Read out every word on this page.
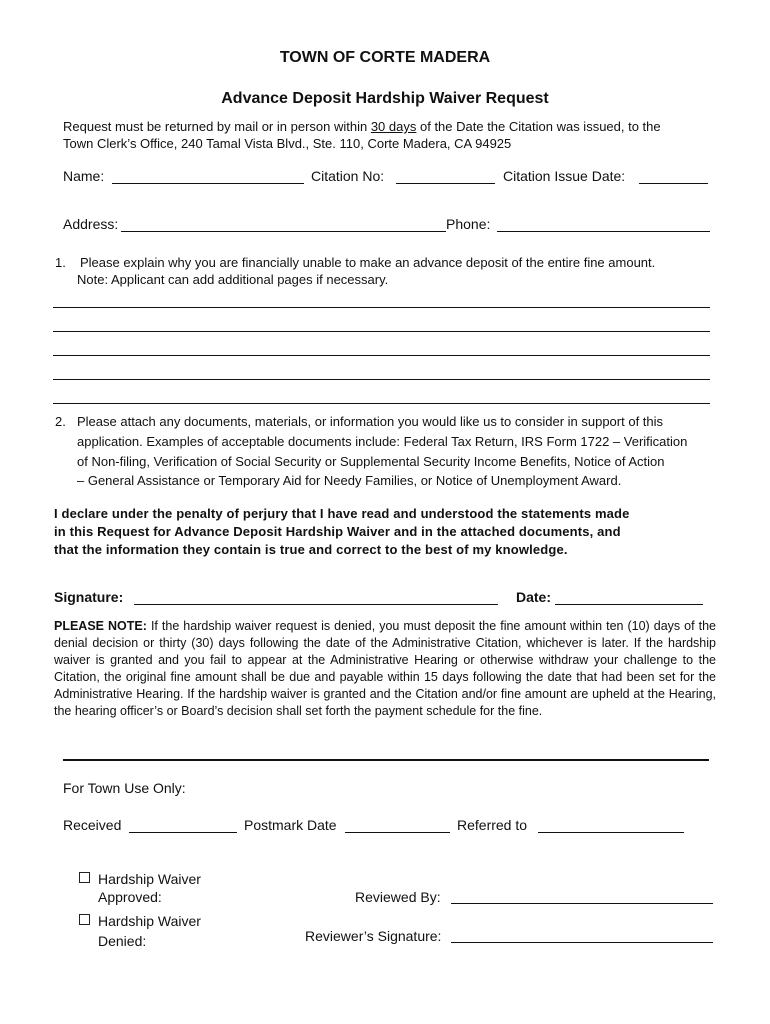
TOWN OF CORTE MADERA
Advance Deposit Hardship Waiver Request
Request must be returned by mail or in person within 30 days of the Date the Citation was issued, to the
Town Clerk’s Office, 240 Tamal Vista Blvd., Ste. 110, Corte Madera, CA 94925
Name:	Citation No:	Citation Issue Date:
Address:	Phone:
1. Please explain why you are financially unable to make an advance deposit of the entire fine amount.
Note: Applicant can add additional pages if necessary.
2. Please attach any documents, materials, or information you would like us to consider in support of this
application. Examples of acceptable documents include: Federal Tax Return, IRS Form 1722 – Verification
of Non-filing, Verification of Social Security or Supplemental Security Income Benefits, Notice of Action
– General Assistance or Temporary Aid for Needy Families, or Notice of Unemployment Award.
I declare under the penalty of perjury that I have read and understood the statements made
in this Request for Advance Deposit Hardship Waiver and in the attached documents, and
that the information they contain is true and correct to the best of my knowledge.
Signature:	Date:
PLEASE NOTE: If the hardship waiver request is denied, you must deposit the fine amount within ten (10) days of the denial decision or thirty (30) days following the date of the Administrative Citation, whichever is later. If the hardship waiver is granted and you fail to appear at the Administrative Hearing or otherwise withdraw your challenge to the Citation, the original fine amount shall be due and payable within 15 days following the date that had been set for the Administrative Hearing. If the hardship waiver is granted and the Citation and/or fine amount are upheld at the Hearing, the hearing officer’s or Board’s decision shall set forth the payment schedule for the fine.
For Town Use Only:
Received	Postmark Date	Referred to
Hardship Waiver
Approved:
Hardship Waiver
Denied:
Reviewed By:
Reviewer’s Signature:
